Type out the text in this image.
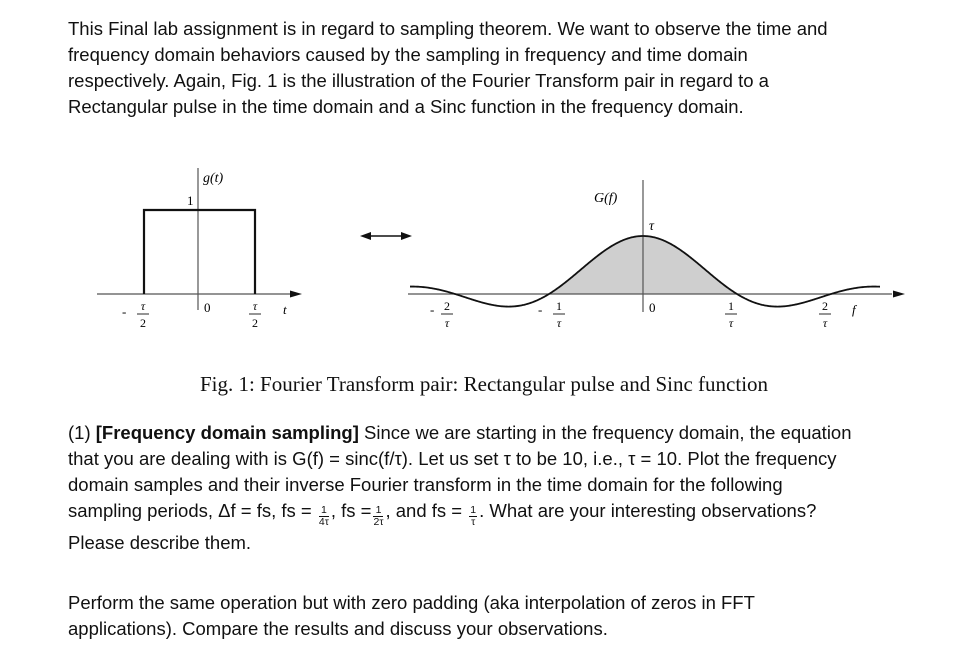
This Final lab assignment is in regard to sampling theorem. We want to observe the time and
frequency domain behaviors caused by the sampling in frequency and time domain
respectively. Again, Fig. 1 is the illustration of the Fourier Transform pair in regard to a
Rectangular pulse in the time domain and a Sinc function in the frequency domain.

g(t)
1
0	t
- τ
2
τ
2
G(f)
τ
0	f
- 2
τ
- 1
τ
1
τ
2
τ
Fig. 1: Fourier Transform pair: Rectangular pulse and Sinc function

(1) [Frequency domain sampling] Since we are starting in the frequency domain, the equation
that you are dealing with is G(f) = sinc(f/τ). Let us set τ to be 10, i.e., τ = 10. Plot the frequency
domain samples and their inverse Fourier transform in the time domain for the following
sampling periods, Δf = fs, fs = $\frac{1}{4\tau}$ , fs = $\frac{1}{2\tau}$ , and fs = $\frac{1}{\tau}$ . What are your interesting observations?
Please describe them.

Perform the same operation but with zero padding (aka interpolation of zeros in FFT
applications). Compare the results and discuss your observations.
